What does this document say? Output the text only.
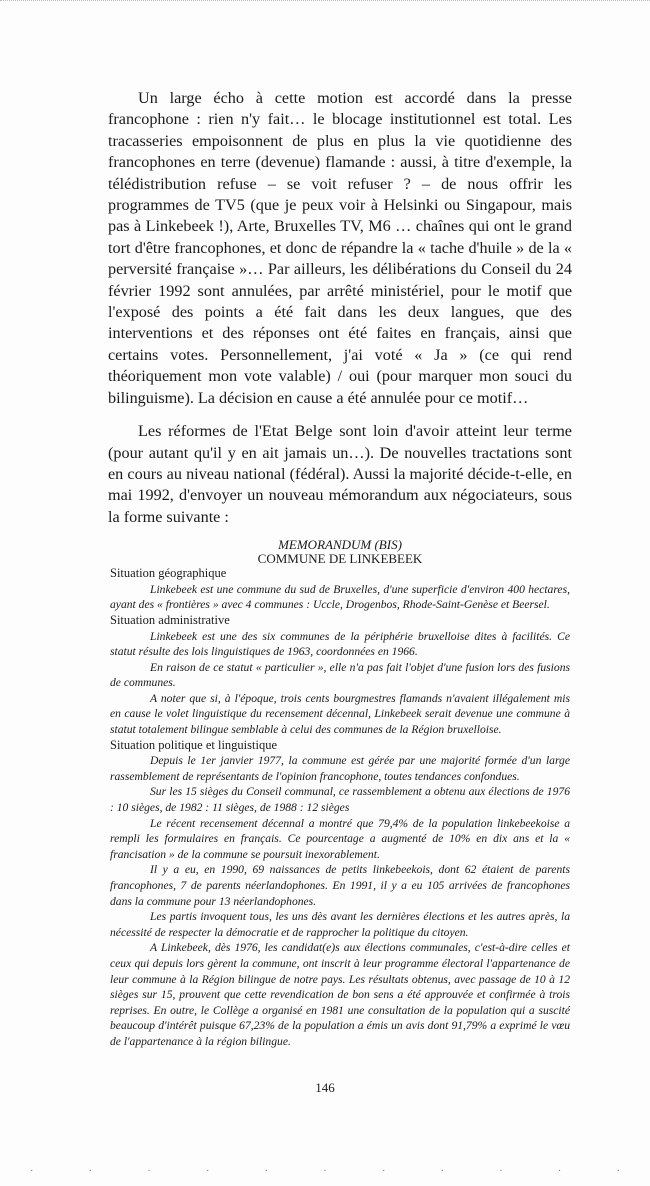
Un large écho à cette motion est accordé dans la presse francophone : rien n'y fait… le blocage institutionnel est total. Les tracasseries empoisonnent de plus en plus la vie quotidienne des francophones en terre (devenue) flamande : aussi, à titre d'exemple, la télédistribution refuse – se voit refuser ? – de nous offrir les programmes de TV5 (que je peux voir à Helsinki ou Singapour, mais pas à Linkebeek !), Arte, Bruxelles TV, M6 … chaînes qui ont le grand tort d'être francophones, et donc de répandre la « tache d'huile » de la « perversité française »… Par ailleurs, les délibérations du Conseil du 24 février 1992 sont annulées, par arrêté ministériel, pour le motif que l'exposé des points a été fait dans les deux langues, que des interventions et des réponses ont été faites en français, ainsi que certains votes. Personnellement, j'ai voté « Ja » (ce qui rend théoriquement mon vote valable) / oui (pour marquer mon souci du bilinguisme). La décision en cause a été annulée pour ce motif…

Les réformes de l'Etat Belge sont loin d'avoir atteint leur terme (pour autant qu'il y en ait jamais un…). De nouvelles tractations sont en cours au niveau national (fédéral). Aussi la majorité décide-t-elle, en mai 1992, d'envoyer un nouveau mémorandum aux négociateurs, sous la forme suivante :

MEMORANDUM (BIS)
COMMUNE DE LINKEBEEK
Situation géographique

Linkebeek est une commune du sud de Bruxelles, d'une superficie d'environ 400 hectares, ayant des « frontières » avec 4 communes : Uccle, Drogenbos, Rhode-Saint-Genèse et Beersel.

Situation administrative

Linkebeek est une des six communes de la périphérie bruxelloise dites à facilités. Ce statut résulte des lois linguistiques de 1963, coordonnées en 1966.

En raison de ce statut « particulier », elle n'a pas fait l'objet d'une fusion lors des fusions de communes.

A noter que si, à l'époque, trois cents bourgmestres flamands n'avaient illégalement mis en cause le volet linguistique du recensement décennal, Linkebeek serait devenue une commune à statut totalement bilingue semblable à celui des communes de la Région bruxelloise.

Situation politique et linguistique

Depuis le 1er janvier 1977, la commune est gérée par une majorité formée d'un large rassemblement de représentants de l'opinion francophone, toutes tendances confondues.

Sur les 15 sièges du Conseil communal, ce rassemblement a obtenu aux élections de 1976 : 10 sièges, de 1982 : 11 sièges, de 1988 : 12 sièges

Le récent recensement décennal a montré que 79,4% de la population linkebeekoise a rempli les formulaires en français. Ce pourcentage a augmenté de 10% en dix ans et la « francisation » de la commune se poursuit inexorablement.

Il y a eu, en 1990, 69 naissances de petits linkebeekois, dont 62 étaient de parents francophones, 7 de parents néerlandophones. En 1991, il y a eu 105 arrivées de francophones dans la commune pour 13 néerlandophones.

Les partis invoquent tous, les uns dès avant les dernières élections et les autres après, la nécessité de respecter la démocratie et de rapprocher la politique du citoyen.

A Linkebeek, dès 1976, les candidat(e)s aux élections communales, c'est-à-dire celles et ceux qui depuis lors gèrent la commune, ont inscrit à leur programme électoral l'appartenance de leur commune à la Région bilingue de notre pays. Les résultats obtenus, avec passage de 10 à 12 sièges sur 15, prouvent que cette revendication de bon sens a été approuvée et confirmée à trois reprises. En outre, le Collège a organisé en 1981 une consultation de la population qui a suscité beaucoup d'intérêt puisque 67,23% de la population a émis un avis dont 91,79% a exprimé le vœu de l'appartenance à la région bilingue.

146
·	·	·	·	·	·	·	·	·	·	·
